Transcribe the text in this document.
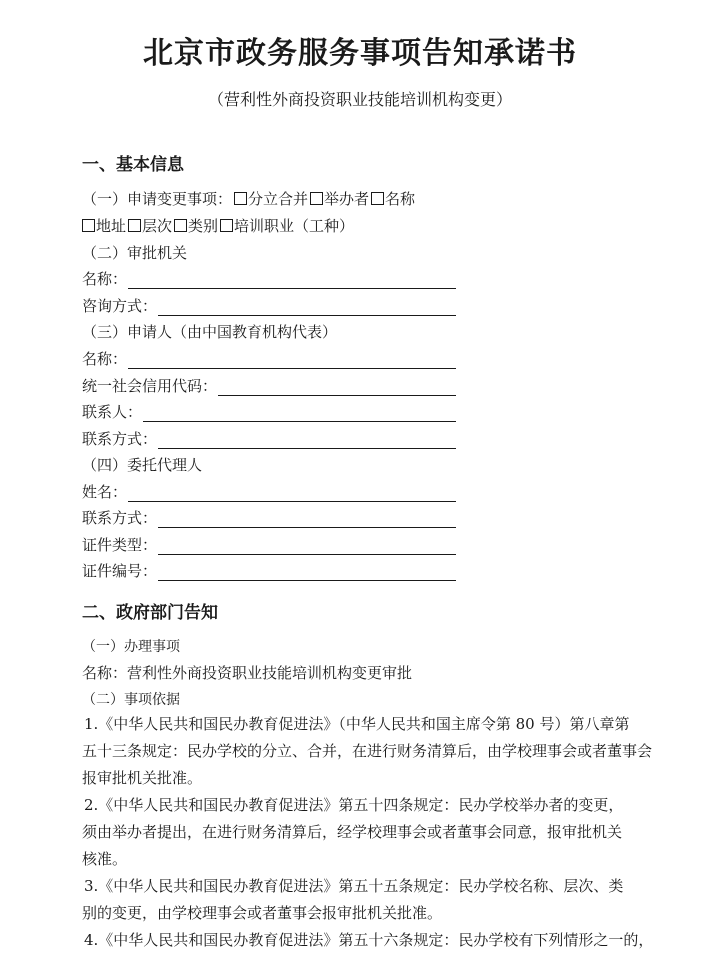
北京市政务服务事项告知承诺书
（营利性外商投资职业技能培训机构变更）
一、基本信息
（一）申请变更事项： 分立合并 举办者 名称
地址 层次 类别 培训职业（工种）
（二）审批机关
名称：
咨询方式：
（三）申请人（由中国教育机构代表）
名称：
统一社会信用代码：
联系人：
联系方式：
（四）委托代理人
姓名：
联系方式：
证件类型：
证件编号：
二、政府部门告知
（一）办理事项
名称：营利性外商投资职业技能培训机构变更审批
（二）事项依据
1.《中华人民共和国民办教育促进法》（中华人民共和国主席令第 80 号）第八章第
五十三条规定：民办学校的分立、合并，在进行财务清算后，由学校理事会或者董事会
报审批机关批准。
2.《中华人民共和国民办教育促进法》第五十四条规定：民办学校举办者的变更，
须由举办者提出，在进行财务清算后，经学校理事会或者董事会同意，报审批机关
核准。
3.《中华人民共和国民办教育促进法》第五十五条规定：民办学校名称、层次、类
别的变更，由学校理事会或者董事会报审批机关批准。
4.《中华人民共和国民办教育促进法》第五十六条规定：民办学校有下列情形之一的，
